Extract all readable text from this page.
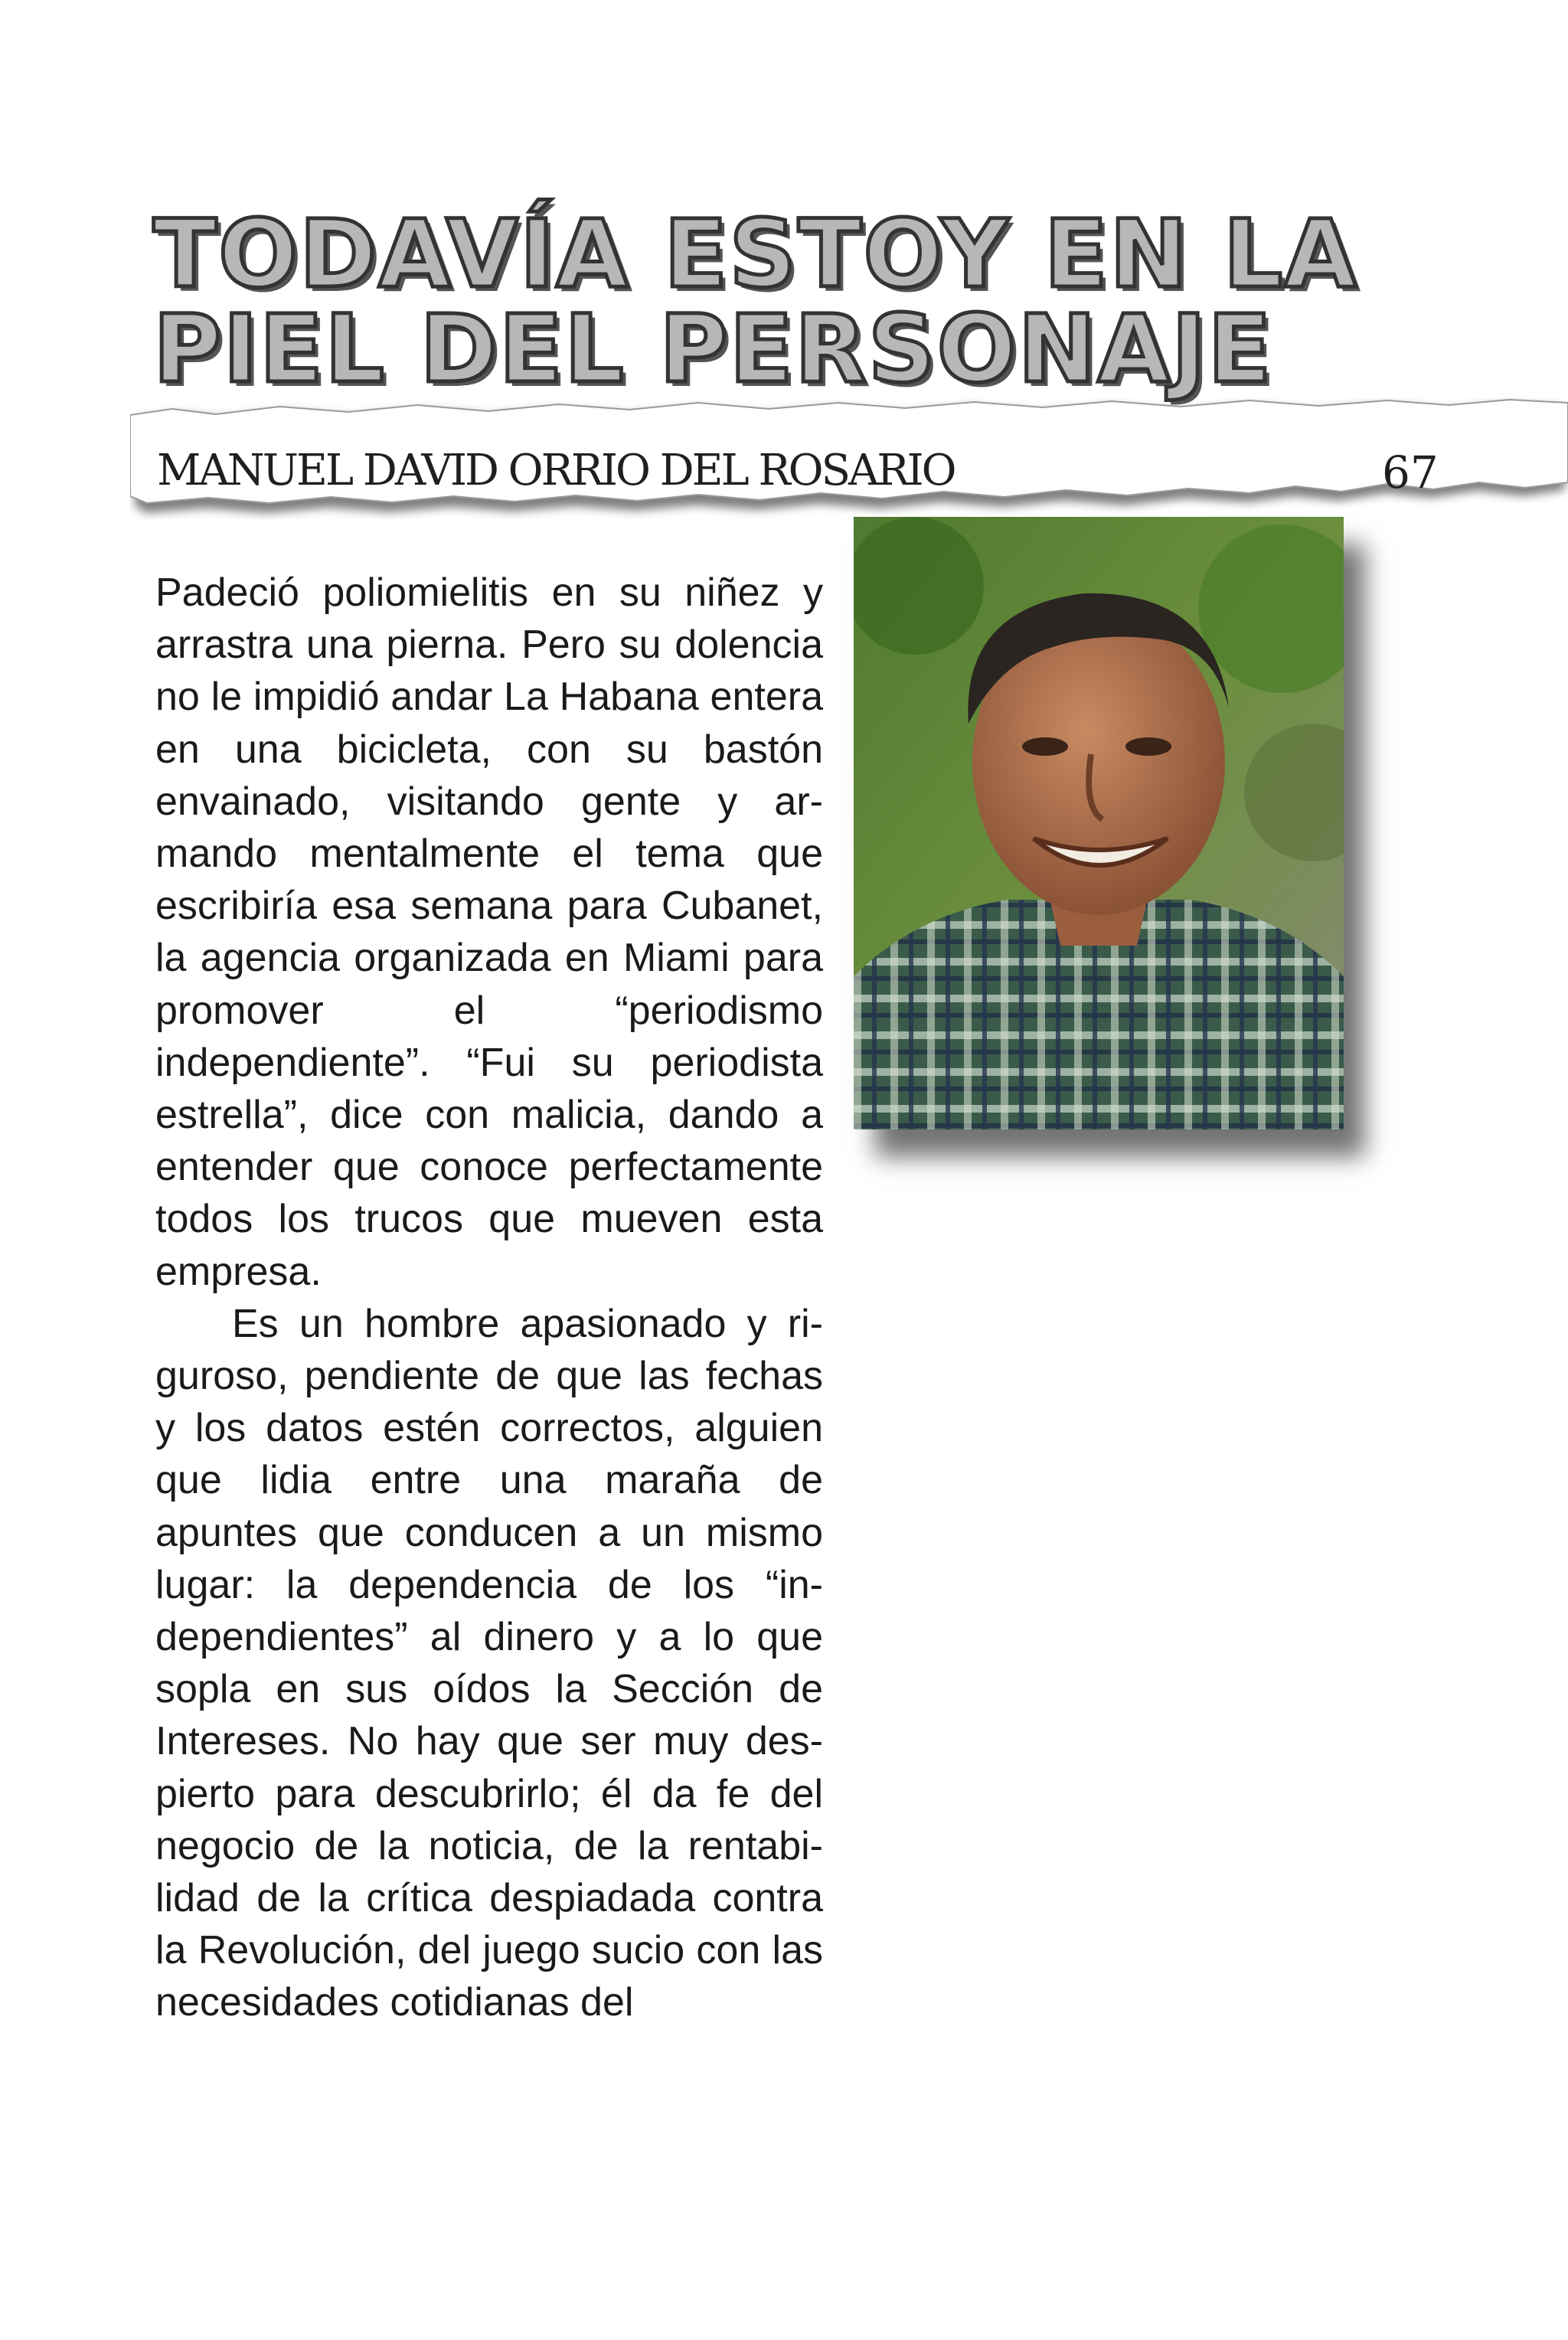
TODAVÍA ESTOY EN LA
PIEL DEL PERSONAJE
MANUEL DAVID ORRIO DEL ROSARIO	67

Padeció poliomielitis en su niñez y arrastra una pierna. Pero su dolencia no le impidió andar La Habana entera en una bicicleta, con su bastón envainado, visitando gente y armando mentalmente el tema que escribiría esa semana para Cubanet, la agencia organizada en Miami para promover el “periodismo independiente”. “Fui su periodista estrella”, dice con malicia, dando a entender que conoce perfectamente todos los trucos que mueven esta empresa.

Es un hombre apasionado y riguroso, pendiente de que las fechas y los datos estén correctos, alguien que lidia entre una maraña de apuntes que conducen a un mismo lugar: la dependencia de los “independientes” al dinero y a lo que sopla en sus oídos la Sección de Intereses. No hay que ser muy despierto para descubrirlo; él da fe del negocio de la noticia, de la rentabilidad de la crítica despiadada contra la Revolución, del juego sucio con las necesidades cotidianas del
